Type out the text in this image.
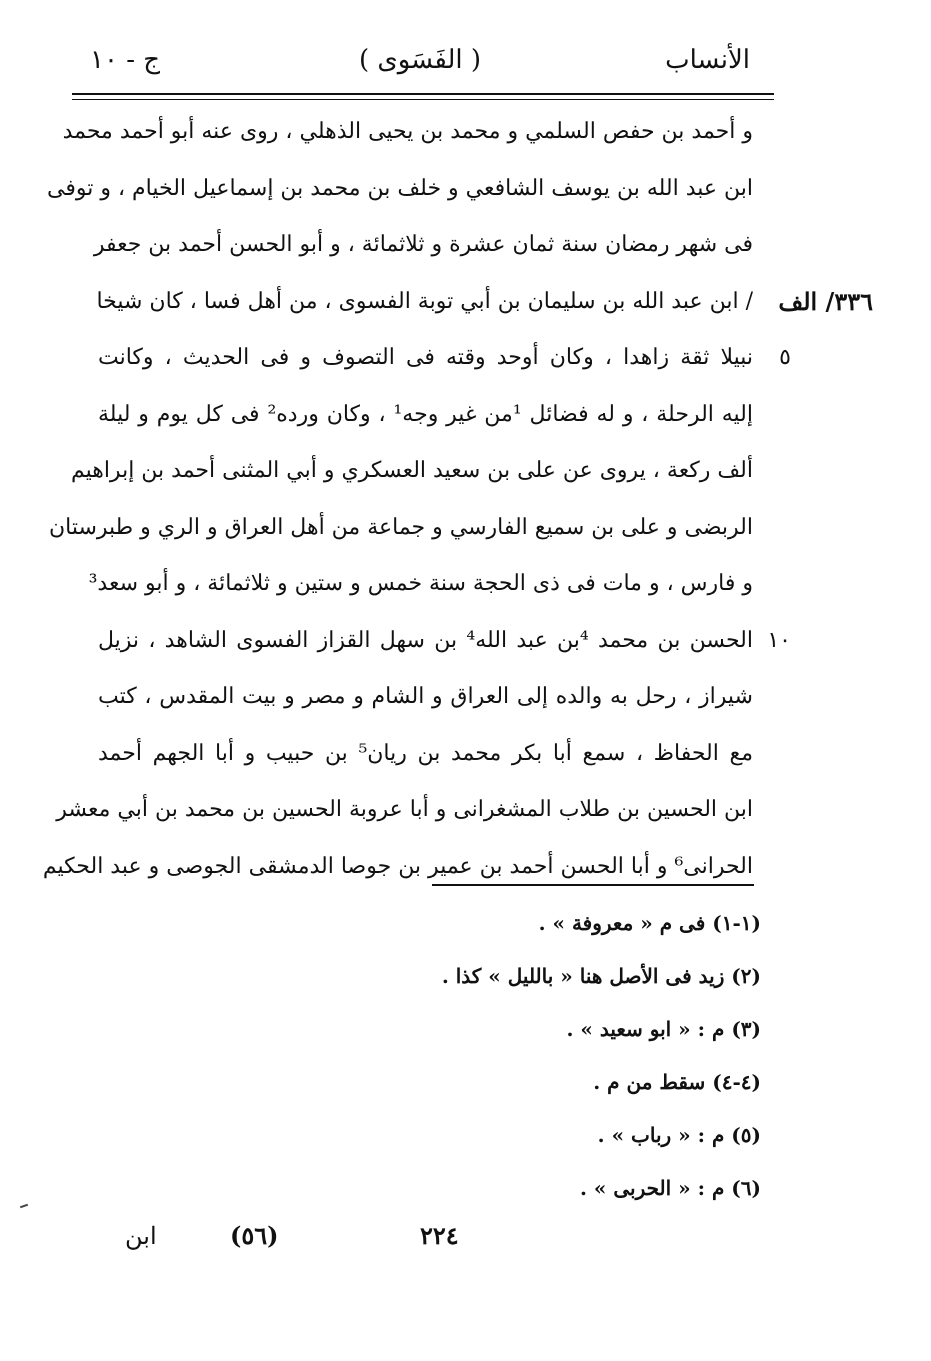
الأنساب
( الفَسَوى )
ج - ١٠
و أحمد بن حفص السلمي و محمد بن يحيى الذهلي ، روى عنه أبو أحمد محمد
ابن عبد الله بن يوسف الشافعي و خلف بن محمد بن إسماعيل الخيام ، و توفى
فى شهر رمضان سنة ثمان عشرة و ثلاثمائة ، و أبو الحسن أحمد بن جعفر
/ ابن عبد الله بن سليمان بن أبي توبة الفسوى ، من أهل فسا ، كان شيخا ٣٣٦/ الف
نبيلا ثقة زاهدا ، وكان أوحد وقته فى التصوف و فى الحديث ، وكانت ٥
إليه الرحلة ، و له فضائل ¹من غير وجه¹ ، وكان ورده² فى كل يوم و ليلة
ألف ركعة ، يروى عن على بن سعيد العسكري و أبي المثنى أحمد بن إبراهيم
الربضى و على بن سميع الفارسي و جماعة من أهل العراق و الري و طبرستان
و فارس ، و مات فى ذى الحجة سنة خمس و ستين و ثلاثمائة ، و أبو سعد³
الحسن بن محمد ⁴بن عبد الله⁴ بن سهل القزاز الفسوى الشاهد ، نزيل ١٠
شيراز ، رحل به والده إلى العراق و الشام و مصر و بيت المقدس ، كتب
مع الحفاظ ، سمع أبا بكر محمد بن ريان⁵ بن حبيب و أبا الجهم أحمد
ابن الحسين بن طلاب المشغرانى و أبا عروبة الحسين بن محمد بن أبي معشر
الحرانى⁶ و أبا الحسن أحمد بن عمير بن جوصا الدمشقى الجوصى و عبد الحكيم
(١-١) فى م « معروفة » .
(٢) زيد فى الأصل هنا « بالليل » كذا .
(٣) م : « ابو سعيد » .
(٤-٤) سقط من م .
(٥) م : « رباب » .
(٦) م : « الحربى » .
ابن	(٥٦)	٢٢٤
